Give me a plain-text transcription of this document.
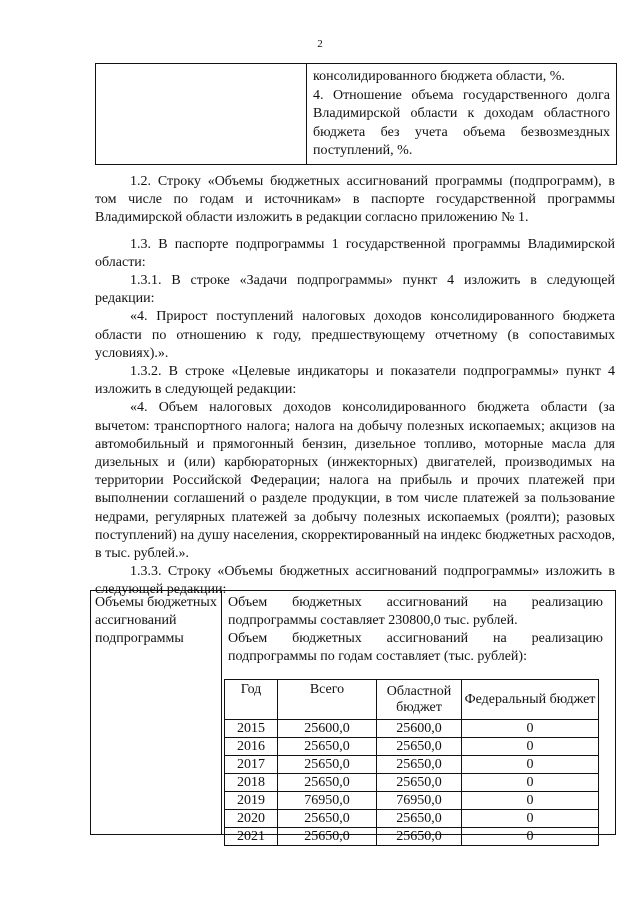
2
консолидированного бюджета области, %.
4. Отношение объема государственного долга Владимирской области к доходам областного бюджета без учета объема безвозмездных поступлений, %.

1.2. Строку «Объемы бюджетных ассигнований программы (подпрограмм), в том числе по годам и источникам» в паспорте государственной программы Владимирской области изложить в редакции согласно приложению № 1.

1.3. В паспорте подпрограммы 1 государственной программы Владимирской области:

1.3.1. В строке «Задачи подпрограммы» пункт 4 изложить в следующей редакции:

«4. Прирост поступлений налоговых доходов консолидированного бюджета области по отношению к году, предшествующему отчетному (в сопоставимых условиях).».

1.3.2. В строке «Целевые индикаторы и показатели подпрограммы» пункт 4 изложить в следующей редакции:

«4. Объем налоговых доходов консолидированного бюджета области (за вычетом: транспортного налога; налога на добычу полезных ископаемых; акцизов на автомобильный и прямогонный бензин, дизельное топливо, моторные масла для дизельных и (или) карбюраторных (инжекторных) двигателей, производимых на территории Российской Федерации; налога на прибыль и прочих платежей при выполнении соглашений о разделе продукции, в том числе платежей за пользование недрами, регулярных платежей за добычу полезных ископаемых (роялти); разовых поступлений) на душу населения, скорректированный на индекс бюджетных расходов, в тыс. рублей.».

1.3.3. Строку «Объемы бюджетных ассигнований подпрограммы» изложить в следующей редакции:

Объемы бюджетных ассигнований подпрограммы
Объем бюджетных ассигнований на реализацию подпрограммы составляет 230800,0 тыс. рублей.
Объем бюджетных ассигнований на реализацию подпрограммы по годам составляет (тыс. рублей):
Год	Всего	Областной бюджет	Федеральный бюджет
2015	25600,0	25600,0	0
2016	25650,0	25650,0	0
2017	25650,0	25650,0	0
2018	25650,0	25650,0	0
2019	76950,0	76950,0	0
2020	25650,0	25650,0	0
2021	25650,0	25650,0	0
